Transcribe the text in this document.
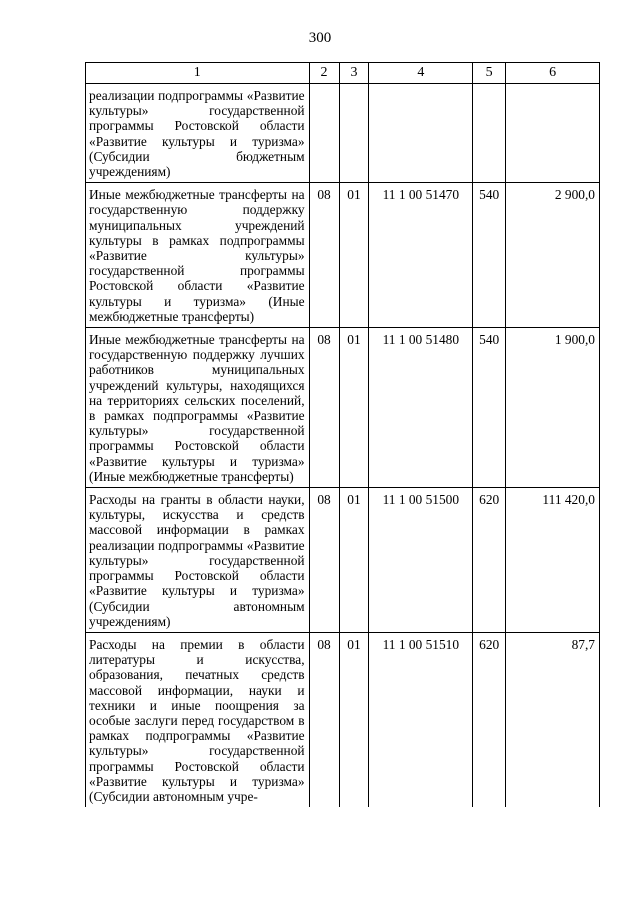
300
1	2	3	4	5	6
реализации подпрограммы «Развитие культуры» государственной программы Ростовской области «Развитие культуры и туризма» (Субсидии бюджетным учреждениям)					
Иные межбюджетные трансферты на государственную поддержку муниципальных учреждений культуры в рамках подпрограммы «Развитие культуры» государственной программы Ростовской области «Развитие культуры и туризма» (Иные межбюджетные трансферты)	08	01	11 1 00 51470	540	2 900,0
Иные межбюджетные трансферты на государственную поддержку лучших работников муниципальных учреждений культуры, находящихся на территориях сельских поселений, в рамках подпрограммы «Развитие культуры» государственной программы Ростовской области «Развитие культуры и туризма» (Иные межбюджетные трансферты)	08	01	11 1 00 51480	540	1 900,0
Расходы на гранты в области науки, культуры, искусства и средств массовой информации в рамках реализации подпрограммы «Развитие культуры» государственной программы Ростовской области «Развитие культуры и туризма» (Субсидии автономным учреждениям)	08	01	11 1 00 51500	620	111 420,0
Расходы на премии в области литературы и искусства, образования, печатных средств массовой информации, науки и техники и иные поощрения за особые заслуги перед государством в рамках подпрограммы «Развитие культуры» государственной программы Ростовской области «Развитие культуры и туризма» (Субсидии автономным учре-	08	01	11 1 00 51510	620	87,7
